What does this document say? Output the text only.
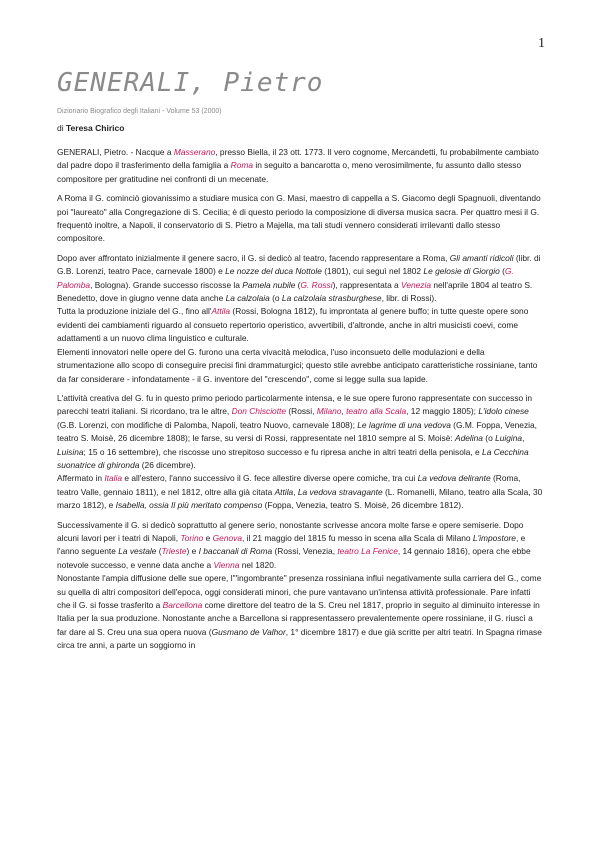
1
GENERALI, Pietro
Dizionario Biografico degli Italiani - Volume 53 (2000)
di Teresa Chirico

GENERALI, Pietro. - Nacque a Masserano, presso Biella, il 23 ott. 1773. Il vero cognome, Mercandetti, fu probabilmente cambiato dal padre dopo il trasferimento della famiglia a Roma in seguito a bancarotta o, meno verosimilmente, fu assunto dallo stesso compositore per gratitudine nei confronti di un mecenate.

A Roma il G. cominciò giovanissimo a studiare musica con G. Masi, maestro di cappella a S. Giacomo degli Spagnuoli, diventando poi "laureato" alla Congregazione di S. Cecilia; è di questo periodo la composizione di diversa musica sacra. Per quattro mesi il G. frequentò inoltre, a Napoli, il conservatorio di S. Pietro a Majella, ma tali studi vennero considerati irrilevanti dallo stesso compositore.

Dopo aver affrontato inizialmente il genere sacro, il G. si dedicò al teatro, facendo rappresentare a Roma, Gli amanti ridicoli (libr. di G.B. Lorenzi, teatro Pace, carnevale 1800) e Le nozze del duca Nottole (1801), cui seguì nel 1802 Le gelosie di Giorgio (G. Palomba, Bologna). Grande successo riscosse la Pamela nubile (G. Rossi), rappresentata a Venezia nell'aprile 1804 al teatro S. Benedetto, dove in giugno venne data anche La calzolaia (o La calzolaia strasburghese, libr. di Rossi).

Tutta la produzione iniziale del G., fino all'Attila (Rossi, Bologna 1812), fu improntata al genere buffo; in tutte queste opere sono evidenti dei cambiamenti riguardo al consueto repertorio operistico, avvertibili, d'altronde, anche in altri musicisti coevi, come adattamenti a un nuovo clima linguistico e culturale.

Elementi innovatori nelle opere del G. furono una certa vivacità melodica, l'uso inconsueto delle modulazioni e della strumentazione allo scopo di conseguire precisi fini drammaturgici; questo stile avrebbe anticipato caratteristiche rossiniane, tanto da far considerare - infondatamente - il G. inventore del "crescendo", come si legge sulla sua lapide.

L'attività creativa del G. fu in questo primo periodo particolarmente intensa, e le sue opere furono rappresentate con successo in parecchi teatri italiani. Si ricordano, tra le altre, Don Chisciotte (Rossi, Milano, teatro alla Scala, 12 maggio 1805); L'idolo cinese (G.B. Lorenzi, con modifiche di Palomba, Napoli, teatro Nuovo, carnevale 1808); Le lagrime di una vedova (G.M. Foppa, Venezia, teatro S. Moisè, 26 dicembre 1808); le farse, su versi di Rossi, rappresentate nel 1810 sempre al S. Moisè: Adelina (o Luigina, Luisina; 15 o 16 settembre), che riscosse uno strepitoso successo e fu ripresa anche in altri teatri della penisola, e La Cecchina suonatrice di ghironda (26 dicembre).

Affermato in Italia e all'estero, l'anno successivo il G. fece allestire diverse opere comiche, tra cui La vedova delirante (Roma, teatro Valle, gennaio 1811), e nel 1812, oltre alla già citata Attila, La vedova stravagante (L. Romanelli, Milano, teatro alla Scala, 30 marzo 1812), e Isabella, ossia Il più meritato compenso (Foppa, Venezia, teatro S. Moisè, 26 dicembre 1812).

Successivamente il G. si dedicò soprattutto al genere serio, nonostante scrivesse ancora molte farse e opere semiserie. Dopo alcuni lavori per i teatri di Napoli, Torino e Genova, il 21 maggio del 1815 fu messo in scena alla Scala di Milano L'impostore, e l'anno seguente La vestale (Trieste) e I baccanali di Roma (Rossi, Venezia, teatro La Fenice, 14 gennaio 1816), opera che ebbe notevole successo, e venne data anche a Vienna nel 1820.

Nonostante l'ampia diffusione delle sue opere, l'"ingombrante" presenza rossiniana influì negativamente sulla carriera del G., come su quella di altri compositori dell'epoca, oggi considerati minori, che pure vantavano un'intensa attività professionale. Pare infatti che il G. si fosse trasferito a Barcellona come direttore del teatro de la S. Creu nel 1817, proprio in seguito al diminuito interesse in Italia per la sua produzione. Nonostante anche a Barcellona si rappresentassero prevalentemente opere rossiniane, il G. riuscì a far dare al S. Creu una sua opera nuova (Gusmano de Valhor, 1° dicembre 1817) e due già scritte per altri teatri. In Spagna rimase circa tre anni, a parte un soggiorno in
